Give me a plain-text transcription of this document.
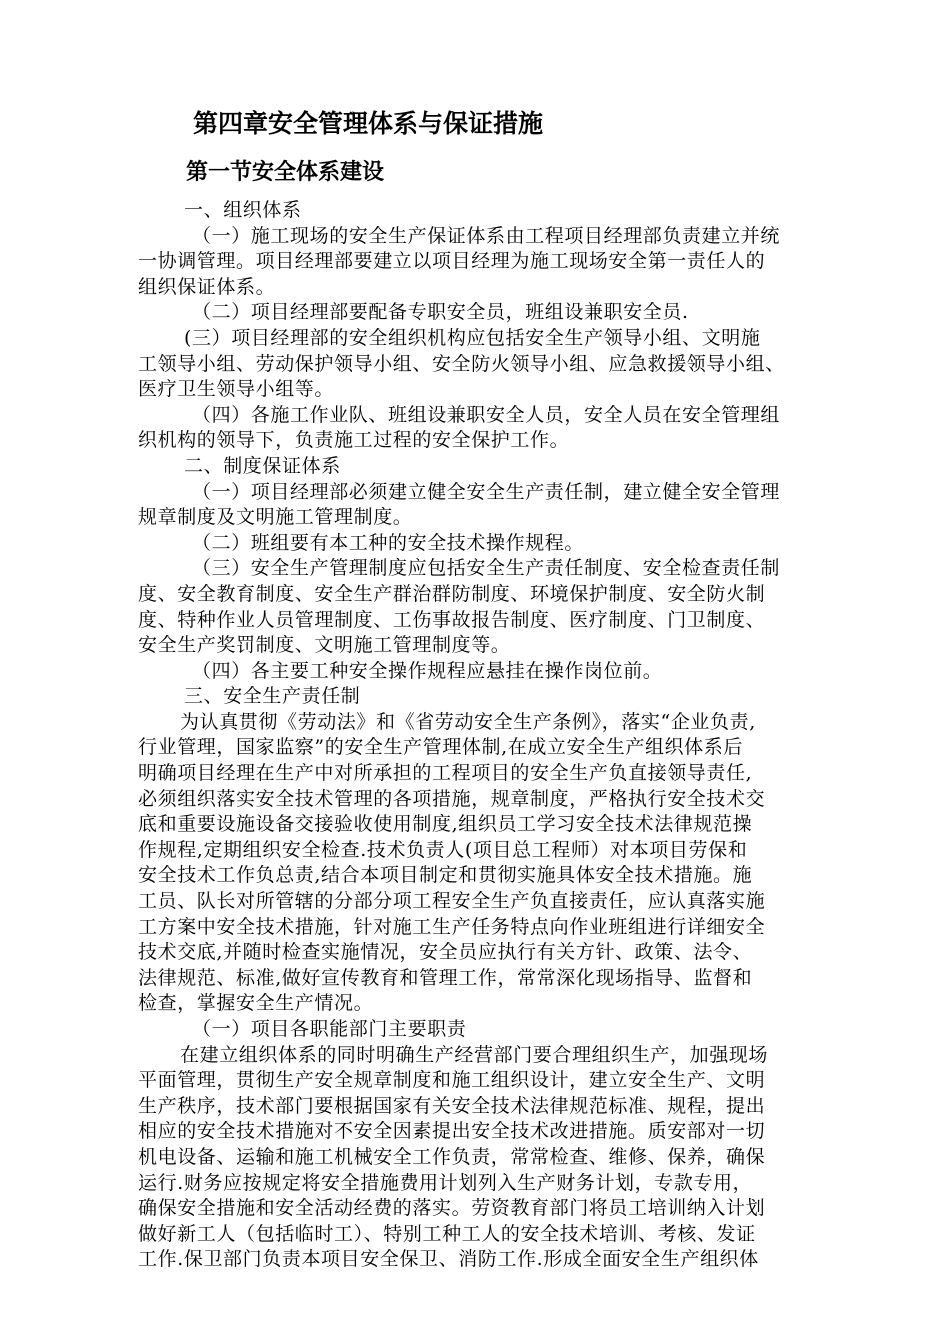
第四章安全管理体系与保证措施
第一节安全体系建设
一、组织体系
（一）施工现场的安全生产保证体系由工程项目经理部负责建立并统
一协调管理。项目经理部要建立以项目经理为施工现场安全第一责任人的
组织保证体系。
（二）项目经理部要配备专职安全员，班组设兼职安全员.
(三）项目经理部的安全组织机构应包括安全生产领导小组、文明施
工领导小组、劳动保护领导小组、安全防火领导小组、应急救援领导小组、
医疗卫生领导小组等。
（四）各施工作业队、班组设兼职安全人员，安全人员在安全管理组
织机构的领导下，负责施工过程的安全保护工作。
二、制度保证体系
（一）项目经理部必须建立健全安全生产责任制，建立健全安全管理
规章制度及文明施工管理制度。
（二）班组要有本工种的安全技术操作规程。
（三）安全生产管理制度应包括安全生产责任制度、安全检查责任制
度、安全教育制度、安全生产群治群防制度、环境保护制度、安全防火制
度、特种作业人员管理制度、工伤事故报告制度、医疗制度、门卫制度、
安全生产奖罚制度、文明施工管理制度等。
（四）各主要工种安全操作规程应悬挂在操作岗位前。
三、安全生产责任制
为认真贯彻《劳动法》和《省劳动安全生产条例》，落实“企业负责,
行业管理，国家监察”的安全生产管理体制,在成立安全生产组织体系后
明确项目经理在生产中对所承担的工程项目的安全生产负直接领导责任,
必须组织落实安全技术管理的各项措施，规章制度，严格执行安全技术交
底和重要设施设备交接验收使用制度,组织员工学习安全技术法律规范操
作规程,定期组织安全检查.技术负责人(项目总工程师）对本项目劳保和
安全技术工作负总责,结合本项目制定和贯彻实施具体安全技术措施。施
工员、队长对所管辖的分部分项工程安全生产负直接责任，应认真落实施
工方案中安全技术措施，针对施工生产任务特点向作业班组进行详细安全
技术交底,并随时检查实施情况，安全员应执行有关方针、政策、法令、
法律规范、标准,做好宣传教育和管理工作，常常深化现场指导、监督和
检查，掌握安全生产情况。
（一）项目各职能部门主要职责
在建立组织体系的同时明确生产经营部门要合理组织生产，加强现场
平面管理，贯彻生产安全规章制度和施工组织设计，建立安全生产、文明
生产秩序，技术部门要根据国家有关安全技术法律规范标准、规程，提出
相应的安全技术措施对不安全因素提出安全技术改进措施。质安部对一切
机电设备、运输和施工机械安全工作负责，常常检查、维修、保养，确保
运行.财务应按规定将安全措施费用计划列入生产财务计划，专款专用，
确保安全措施和安全活动经费的落实。劳资教育部门将员工培训纳入计划
做好新工人（包括临时工）、特别工种工人的安全技术培训、考核、发证
工作.保卫部门负责本项目安全保卫、消防工作.形成全面安全生产组织体
